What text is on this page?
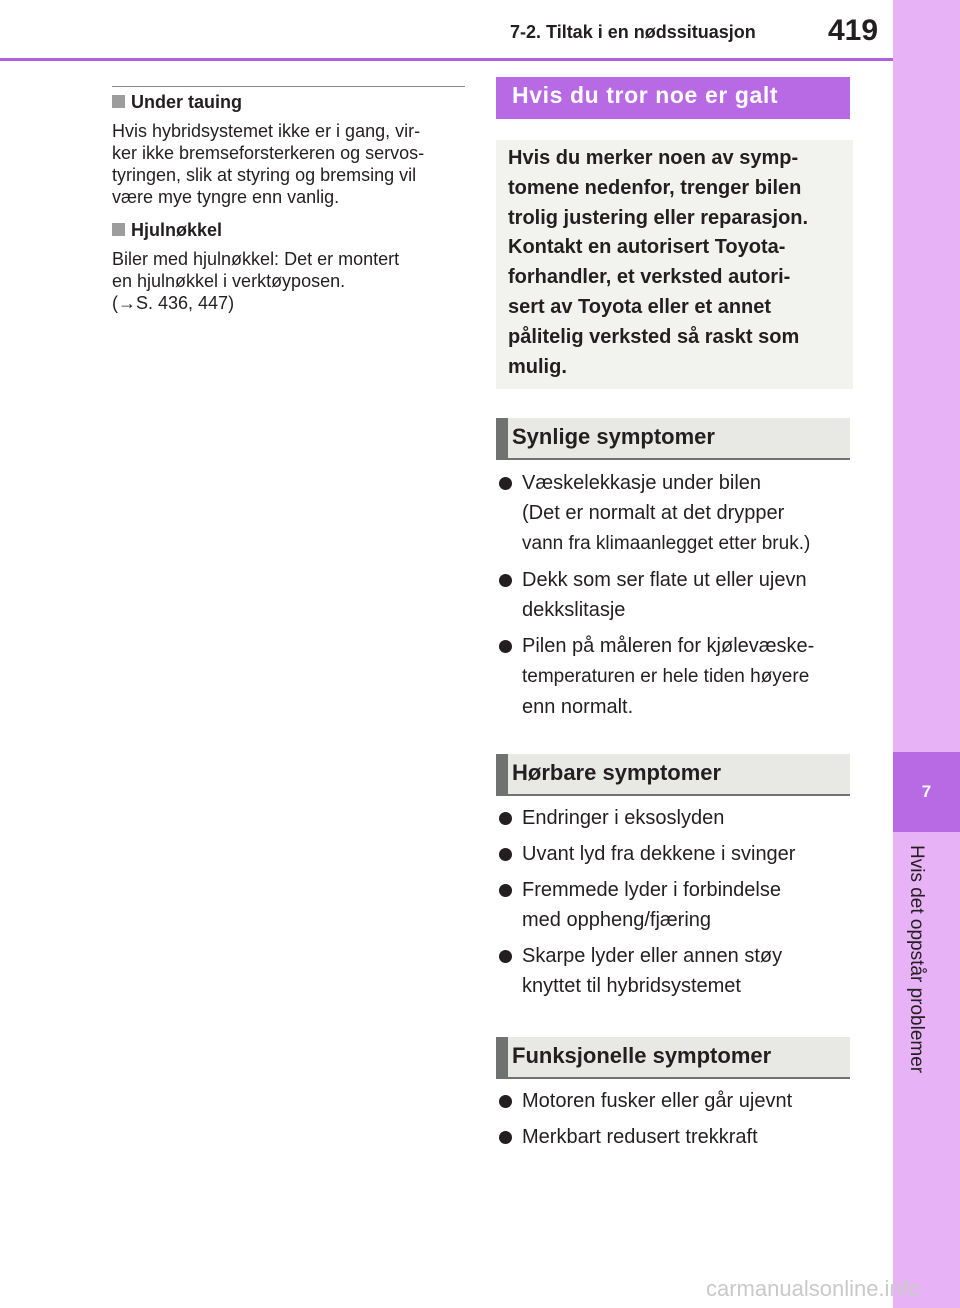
7-2. Tiltak i en nødssituasjon 419
7
Hvis det oppstår problemer
Under tauing
Hvis hybridsystemet ikke er i gang, vir-
ker ikke bremseforsterkeren og servos-
tyringen, slik at styring og bremsing vil
være mye tyngre enn vanlig.
Hjulnøkkel
Biler med hjulnøkkel: Det er montert
en hjulnøkkel i verktøyposen.
(→S. 436, 447)
Hvis du tror noe er galt

Hvis du merker noen av symp-
tomene nedenfor, trenger bilen
trolig justering eller reparasjon.
Kontakt en autorisert Toyota-
forhandler, et verksted autori-
sert av Toyota eller et annet
pålitelig verksted så raskt som
mulig.

Synlige symptomer
Væskelekkasje under bilen
(Det er normalt at det drypper
vann fra klimaanlegget etter bruk.)
Dekk som ser flate ut eller ujevn
dekkslitasje
Pilen på måleren for kjølevæske-
temperaturen er hele tiden høyere
enn normalt.
Hørbare symptomer
Endringer i eksoslyden
Uvant lyd fra dekkene i svinger
Fremmede lyder i forbindelse
med oppheng/fjæring
Skarpe lyder eller annen støy
knyttet til hybridsystemet
Funksjonelle symptomer
Motoren fusker eller går ujevnt
Merkbart redusert trekkraft
carmanualsonline.info
